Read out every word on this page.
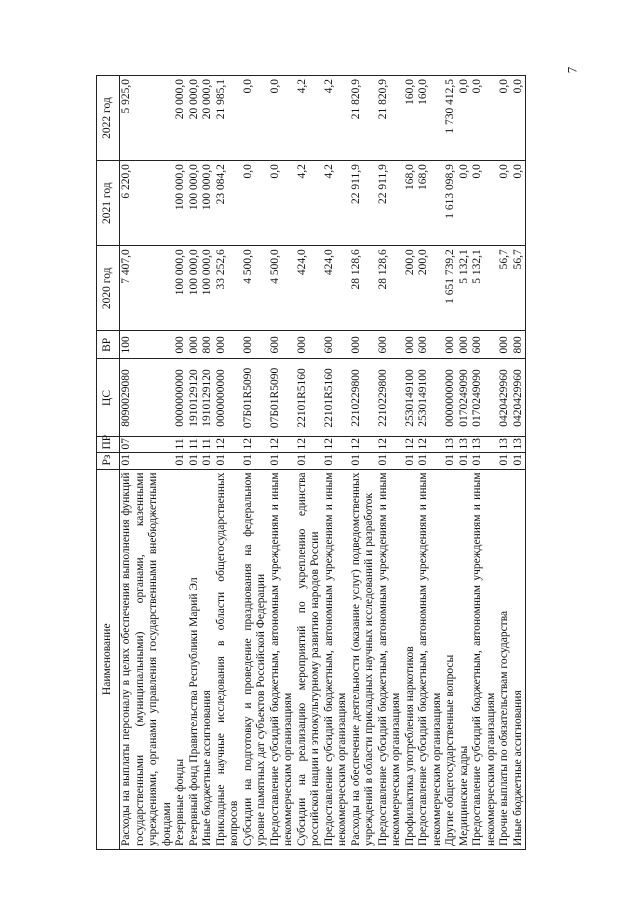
7
Наименование	Рз	ПР	ЦС	ВР	2020 год	2021 год	2022 год
Расходы на выплаты персоналу в целях обеспечения выполнения функций государственными (муниципальными) органами, казенными учреждениями, органами управления государственными внебюджетными фондами	01	07	8090029080	100	7 407,0	6 220,0	5 925,0
Резервные фонды	01	11	0000000000	000	100 000,0	100 000,0	20 000,0
Резервный фонд Правительства Республики Марий Эл	01	11	1910129120	000	100 000,0	100 000,0	20 000,0
Иные бюджетные ассигнования	01	11	1910129120	800	100 000,0	100 000,0	20 000,0
Прикладные научные исследования в области общегосударственных вопросов	01	12	0000000000	000	33 252,6	23 084,2	21 985,1
Субсидии на подготовку и проведение празднования на федеральном уровне памятных дат субъектов Российской Федерации	01	12	07Б01R5090	000	4 500,0	0,0	0,0
Предоставление субсидий бюджетным, автономным учреждениям и иным некоммерческим организациям	01	12	07Б01R5090	600	4 500,0	0,0	0,0
Субсидии на реализацию мероприятий по укреплению единства российской нации и этнокультурному развитию народов России	01	12	22101R5160	000	424,0	4,2	4,2
Предоставление субсидий бюджетным, автономным учреждениям и иным некоммерческим организациям	01	12	22101R5160	600	424,0	4,2	4,2
Расходы на обеспечение деятельности (оказание услуг) подведомственных учреждений в области прикладных научных исследований и разработок	01	12	2210229800	000	28 128,6	22 911,9	21 820,9
Предоставление субсидий бюджетным, автономным учреждениям и иным некоммерческим организациям	01	12	2210229800	600	28 128,6	22 911,9	21 820,9
Профилактика употребления наркотиков	01	12	2530149100	000	200,0	168,0	160,0
Предоставление субсидий бюджетным, автономным учреждениям и иным некоммерческим организациям	01	12	2530149100	600	200,0	168,0	160,0
Другие общегосударственные вопросы	01	13	0000000000	000	1 651 739,2	1 613 098,9	1 730 412,5
Медицинские кадры	01	13	0170249090	000	5 132,1	0,0	0,0
Предоставление субсидий бюджетным, автономным учреждениям и иным некоммерческим организациям	01	13	0170249090	600	5 132,1	0,0	0,0
Прочие выплаты по обязательствам государства	01	13	0420429960	000	56,7	0,0	0,0
Иные бюджетные ассигнования	01	13	0420429960	800	56,7	0,0	0,0
